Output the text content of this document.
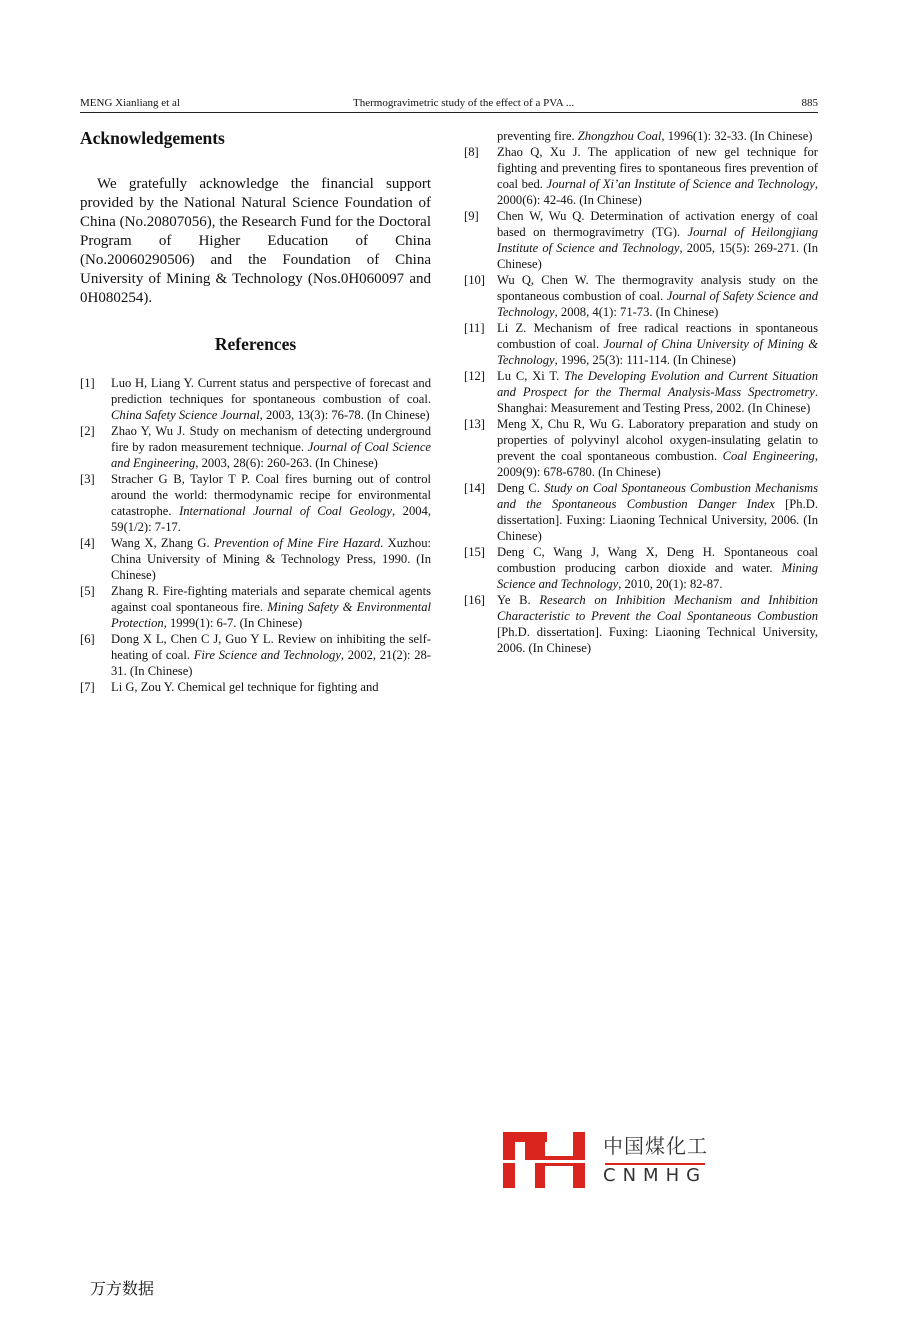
MENG Xianliang et al	Thermogravimetric study of the effect of a PVA ...	885
Acknowledgements

We gratefully acknowledge the financial support provided by the National Natural Science Foundation of China (No.20807056), the Research Fund for the Doctoral Program of Higher Education of China (No.20060290506) and the Foundation of China University of Mining & Technology (Nos.0H060097 and 0H080254).

References
[1] Luo H, Liang Y. Current status and perspective of forecast and prediction techniques for spontaneous combustion of coal. China Safety Science Journal, 2003, 13(3): 76-78. (In Chinese)
[2] Zhao Y, Wu J. Study on mechanism of detecting underground fire by radon measurement technique. Journal of Coal Science and Engineering, 2003, 28(6): 260-263. (In Chinese)
[3] Stracher G B, Taylor T P. Coal fires burning out of control around the world: thermodynamic recipe for environmental catastrophe. International Journal of Coal Geology, 2004, 59(1/2): 7-17.
[4] Wang X, Zhang G. Prevention of Mine Fire Hazard. Xuzhou: China University of Mining & Technology Press, 1990. (In Chinese)
[5] Zhang R. Fire-fighting materials and separate chemical agents against coal spontaneous fire. Mining Safety & Environmental Protection, 1999(1): 6-7. (In Chinese)
[6] Dong X L, Chen C J, Guo Y L. Review on inhibiting the self-heating of coal. Fire Science and Technology, 2002, 21(2): 28-31. (In Chinese)
[7] Li G, Zou Y. Chemical gel technique for fighting and
preventing fire. Zhongzhou Coal, 1996(1): 32-33. (In Chinese)
[8] Zhao Q, Xu J. The application of new gel technique for fighting and preventing fires to spontaneous fires prevention of coal bed. Journal of Xi’an Institute of Science and Technology, 2000(6): 42-46. (In Chinese)
[9] Chen W, Wu Q. Determination of activation energy of coal based on thermogravimetry (TG). Journal of Heilongjiang Institute of Science and Technology, 2005, 15(5): 269-271. (In Chinese)
[10] Wu Q, Chen W. The thermogravity analysis study on the spontaneous combustion of coal. Journal of Safety Science and Technology, 2008, 4(1): 71-73. (In Chinese)
[11] Li Z. Mechanism of free radical reactions in spontaneous combustion of coal. Journal of China University of Mining & Technology, 1996, 25(3): 111-114. (In Chinese)
[12] Lu C, Xi T. The Developing Evolution and Current Situation and Prospect for the Thermal Analysis-Mass Spectrometry. Shanghai: Measurement and Testing Press, 2002. (In Chinese)
[13] Meng X, Chu R, Wu G. Laboratory preparation and study on properties of polyvinyl alcohol oxygen-insulating gelatin to prevent the coal spontaneous combustion. Coal Engineering, 2009(9): 678-6780. (In Chinese)
[14] Deng C. Study on Coal Spontaneous Combustion Mechanisms and the Spontaneous Combustion Danger Index [Ph.D. dissertation]. Fuxing: Liaoning Technical University, 2006. (In Chinese)
[15] Deng C, Wang J, Wang X, Deng H. Spontaneous coal combustion producing carbon dioxide and water. Mining Science and Technology, 2010, 20(1): 82-87.
[16] Ye B. Research on Inhibition Mechanism and Inhibition Characteristic to Prevent the Coal Spontaneous Combustion [Ph.D. dissertation]. Fuxing: Liaoning Technical University, 2006. (In Chinese)
中国煤化工
CNMHG
万方数据
